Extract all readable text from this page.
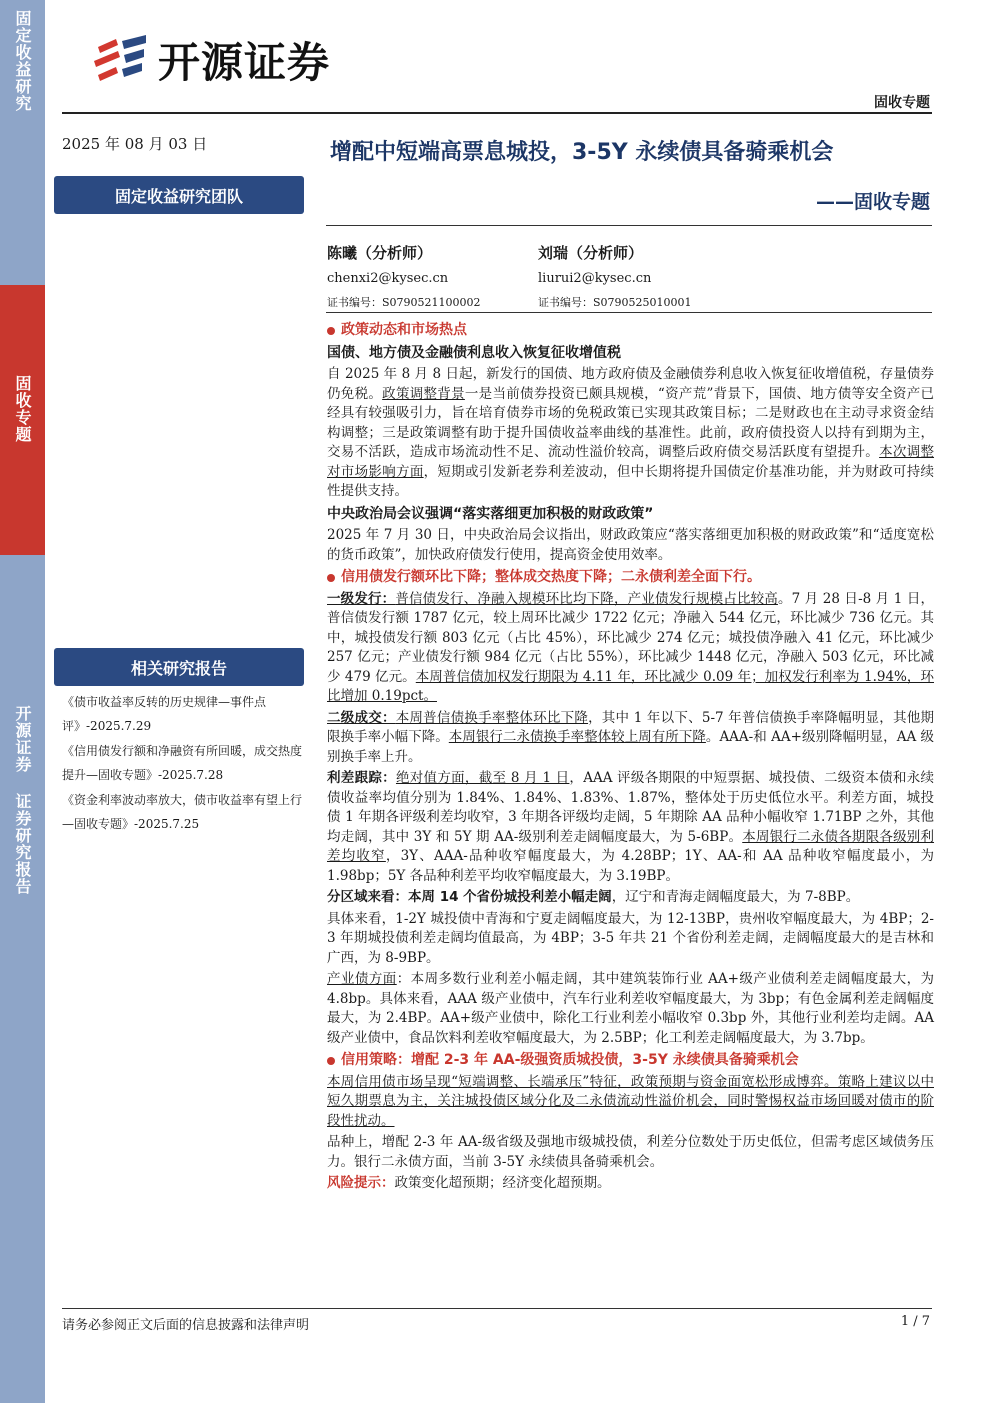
固定收益研究
固收专题
开源证券 证券研究报告
开源证券
固收专题
2025 年 08 月 03 日
固定收益研究团队
相关研究报告

《债市收益率反转的历史规律—事件点评》-2025.7.29

《信用债发行额和净融资有所回暖，成交热度提升—固收专题》-2025.7.28

《资金利率波动率放大，债市收益率有望上行—固收专题》-2025.7.25

增配中短端高票息城投，3-5Y 永续债具备骑乘机会
——固收专题
陈曦（分析师）
chenxi2@kysec.cn
证书编号：S0790521100002
刘瑞（分析师）
liurui2@kysec.cn
证书编号：S0790525010001
政策动态和市场热点
国债、地方债及金融债利息收入恢复征收增值税
自 2025 年 8 月 8 日起，新发行的国债、地方政府债及金融债券利息收入恢复征收增值税，存量债券仍免税。政策调整背景一是当前债券投资已颇具规模，“资产荒”背景下，国债、地方债等安全资产已经具有较强吸引力，旨在培育债券市场的免税政策已实现其政策目标；二是财政也在主动寻求资金结构调整；三是政策调整有助于提升国债收益率曲线的基准性。此前，政府债投资人以持有到期为主，交易不活跃，造成市场流动性不足、流动性溢价较高，调整后政府债交易活跃度有望提升。本次调整对市场影响方面，短期或引发新老券利差波动，但中长期将提升国债定价基准功能，并为财政可持续性提供支持。
中央政治局会议强调“落实落细更加积极的财政政策”
2025 年 7 月 30 日，中央政治局会议指出，财政政策应“落实落细更加积极的财政政策”和“适度宽松的货币政策”，加快政府债发行使用，提高资金使用效率。
信用债发行额环比下降；整体成交热度下降；二永债利差全面下行。
一级发行：普信债发行、净融入规模环比均下降，产业债发行规模占比较高。7 月 28 日-8 月 1 日，普信债发行额 1787 亿元，较上周环比减少 1722 亿元；净融入 544 亿元，环比减少 736 亿元。其中，城投债发行额 803 亿元（占比 45%），环比减少 274 亿元；城投债净融入 41 亿元，环比减少 257 亿元；产业债发行额 984 亿元（占比 55%），环比减少 1448 亿元，净融入 503 亿元，环比减少 479 亿元。本周普信债加权发行期限为 4.11 年，环比减少 0.09 年；加权发行利率为 1.94%，环比增加 0.19pct。
二级成交：本周普信债换手率整体环比下降，其中 1 年以下、5-7 年普信债换手率降幅明显，其他期限换手率小幅下降。本周银行二永债换手率整体较上周有所下降。AAA-和 AA+级别降幅明显，AA 级别换手率上升。
利差跟踪：绝对值方面，截至 8 月 1 日，AAA 评级各期限的中短票据、城投债、二级资本债和永续债收益率均值分别为 1.84%、1.84%、1.83%、1.87%，整体处于历史低位水平。利差方面，城投债 1 年期各评级利差均收窄，3 年期各评级均走阔，5 年期除 AA 品种小幅收窄 1.71BP 之外，其他均走阔，其中 3Y 和 5Y 期 AA-级别利差走阔幅度最大，为 5-6BP。本周银行二永债各期限各级别利差均收窄，3Y、AAA-品种收窄幅度最大，为 4.28BP；1Y、AA-和 AA 品种收窄幅度最小，为 1.98bp；5Y 各品种利差平均收窄幅度最大，为 3.19BP。
分区域来看：本周 14 个省份城投利差小幅走阔，辽宁和青海走阔幅度最大，为 7-8BP。
具体来看，1-2Y 城投债中青海和宁夏走阔幅度最大，为 12-13BP，贵州收窄幅度最大，为 4BP；2-3 年期城投债利差走阔均值最高，为 4BP；3-5 年共 21 个省份利差走阔，走阔幅度最大的是吉林和广西，为 8-9BP。
产业债方面：本周多数行业利差小幅走阔，其中建筑装饰行业 AA+级产业债利差走阔幅度最大，为 4.8bp。具体来看，AAA 级产业债中，汽车行业利差收窄幅度最大，为 3bp；有色金属利差走阔幅度最大，为 2.4BP。AA+级产业债中，除化工行业利差小幅收窄 0.3bp 外，其他行业利差均走阔。AA 级产业债中，食品饮料利差收窄幅度最大，为 2.5BP；化工利差走阔幅度最大，为 3.7bp。
信用策略：增配 2-3 年 AA-级强资质城投债，3-5Y 永续债具备骑乘机会
本周信用债市场呈现“短端调整、长端承压”特征，政策预期与资金面宽松形成博弈。策略上建议以中短久期票息为主，关注城投债区域分化及二永债流动性溢价机会，同时警惕权益市场回暖对债市的阶段性扰动。
品种上，增配 2-3 年 AA-级省级及强地市级城投债，利差分位数处于历史低位，但需考虑区域债务压力。银行二永债方面，当前 3-5Y 永续债具备骑乘机会。
风险提示：政策变化超预期；经济变化超预期。
请务必参阅正文后面的信息披露和法律声明	1 / 7
